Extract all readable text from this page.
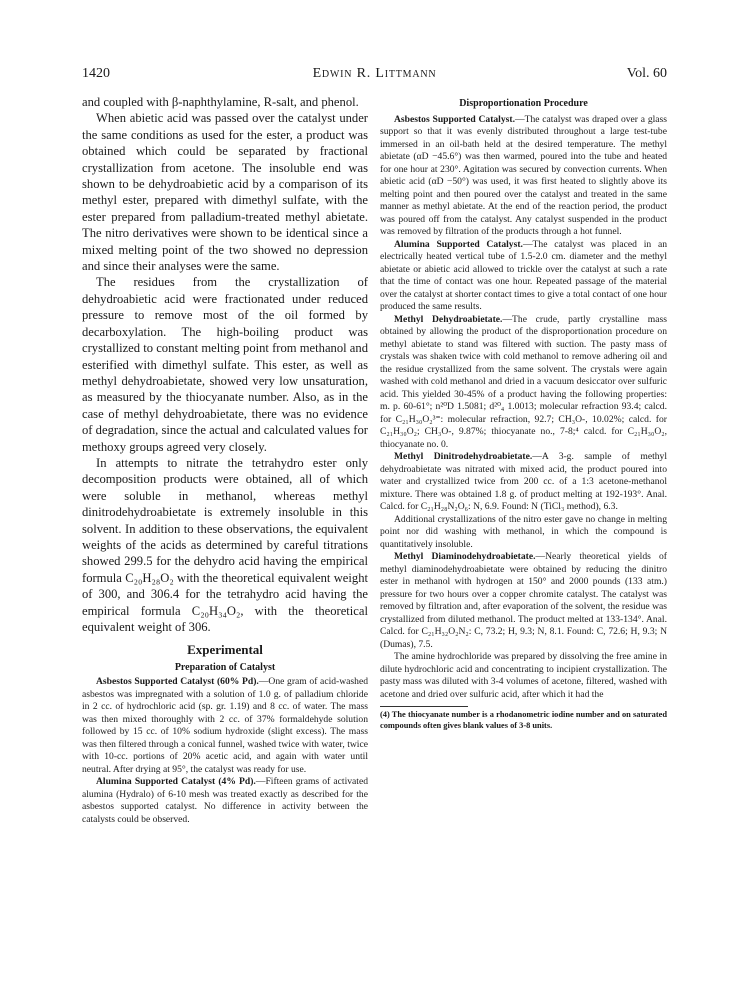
1420	Edwin R. Littmann	Vol. 60

and coupled with β-naphthylamine, R-salt, and phenol.

When abietic acid was passed over the catalyst under the same conditions as used for the ester, a product was obtained which could be separated by fractional crystallization from acetone. The insoluble end was shown to be dehydroabietic acid by a comparison of its methyl ester, prepared with dimethyl sulfate, with the ester prepared from palladium-treated methyl abietate. The nitro derivatives were shown to be identical since a mixed melting point of the two showed no depression and since their analyses were the same.

The residues from the crystallization of dehydroabietic acid were fractionated under reduced pressure to remove most of the oil formed by decarboxylation. The high-boiling product was crystallized to constant melting point from methanol and esterified with dimethyl sulfate. This ester, as well as methyl dehydroabietate, showed very low unsaturation, as measured by the thiocyanate number. Also, as in the case of methyl dehydroabietate, there was no evidence of degradation, since the actual and calculated values for methoxy groups agreed very closely.

In attempts to nitrate the tetrahydro ester only decomposition products were obtained, all of which were soluble in methanol, whereas methyl dinitrodehydroabietate is extremely insoluble in this solvent. In addition to these observations, the equivalent weights of the acids as determined by careful titrations showed 299.5 for the dehydro acid having the empirical formula C₂₀H₂₈O₂ with the theoretical equivalent weight of 300, and 306.4 for the tetrahydro acid having the empirical formula C₂₀H₃₄O₂, with the theoretical equivalent weight of 306.

Experimental
Preparation of Catalyst

Asbestos Supported Catalyst (60% Pd).—One gram of acid-washed asbestos was impregnated with a solution of 1.0 g. of palladium chloride in 2 cc. of hydrochloric acid (sp. gr. 1.19) and 8 cc. of water. The mass was then mixed thoroughly with 2 cc. of 37% formaldehyde solution followed by 15 cc. of 10% sodium hydroxide (slight excess). The mass was then filtered through a conical funnel, washed twice with water, twice with 10-cc. portions of 20% acetic acid, and again with water until neutral. After drying at 95°, the catalyst was ready for use.

Alumina Supported Catalyst (4% Pd).—Fifteen grams of activated alumina (Hydralo) of 6-10 mesh was treated exactly as described for the asbestos supported catalyst. No difference in activity between the catalysts could be observed.

Disproportionation Procedure

Asbestos Supported Catalyst.—The catalyst was draped over a glass support so that it was evenly distributed throughout a large test-tube immersed in an oil-bath held at the desired temperature. The methyl abietate (αD −45.6°) was then warmed, poured into the tube and heated for one hour at 230°. Agitation was secured by convection currents. When abietic acid (αD −50°) was used, it was first heated to slightly above its melting point and then poured over the catalyst and treated in the same manner as methyl abietate. At the end of the reaction period, the product was poured off from the catalyst. Any catalyst suspended in the product was removed by filtration of the products through a hot funnel.

Alumina Supported Catalyst.—The catalyst was placed in an electrically heated vertical tube of 1.5-2.0 cm. diameter and the methyl abietate or abietic acid allowed to trickle over the catalyst at such a rate that the time of contact was one hour. Repeated passage of the material over the catalyst at shorter contact times to give a total contact of one hour produced the same results.

Methyl Dehydroabietate.—The crude, partly crystalline mass obtained by allowing the product of the disproportionation procedure on methyl abietate to stand was filtered with suction. The pasty mass of crystals was shaken twice with cold methanol to remove adhering oil and the residue crystallized from the same solvent. The crystals were again washed with cold methanol and dried in a vacuum desiccator over sulfuric acid. This yielded 30-45% of a product having the following properties: m. p. 60-61°; n²⁰D 1.5081; d²⁰₄ 1.0013; molecular refraction 93.4; calcd. for C₂₁H₃₀O₂³⁼: molecular refraction, 92.7; CH₃O-, 10.02%; calcd. for C₂₁H₃₀O₂; CH₃O-, 9.87%; thiocyanate no., 7-8;⁴ calcd. for C₂₁H₃₀O₂, thiocyanate no. 0.

Methyl Dinitrodehydroabietate.—A 3-g. sample of methyl dehydroabietate was nitrated with mixed acid, the product poured into water and crystallized twice from 200 cc. of a 1:3 acetone-methanol mixture. There was obtained 1.8 g. of product melting at 192-193°. Anal. Calcd. for C₂₁H₂₈N₂O₆: N, 6.9. Found: N (TiCl₃ method), 6.3.

Additional crystallizations of the nitro ester gave no change in melting point nor did washing with methanol, in which the compound is quantitatively insoluble.

Methyl Diaminodehydroabietate.—Nearly theoretical yields of methyl diaminodehydroabietate were obtained by reducing the dinitro ester in methanol with hydrogen at 150° and 2000 pounds (133 atm.) pressure for two hours over a copper chromite catalyst. The catalyst was removed by filtration and, after evaporation of the solvent, the residue was crystallized from diluted methanol. The product melted at 133-134°. Anal. Calcd. for C₂₁H₃₂O₂N₂: C, 73.2; H, 9.3; N, 8.1. Found: C, 72.6; H, 9.3; N (Dumas), 7.5.

The amine hydrochloride was prepared by dissolving the free amine in dilute hydrochloric acid and concentrating to incipient crystallization. The pasty mass was diluted with 3-4 volumes of acetone, filtered, washed with acetone and dried over sulfuric acid, after which it had the

(4) The thiocyanate number is a rhodanometric iodine number and on saturated compounds often gives blank values of 3-8 units.
